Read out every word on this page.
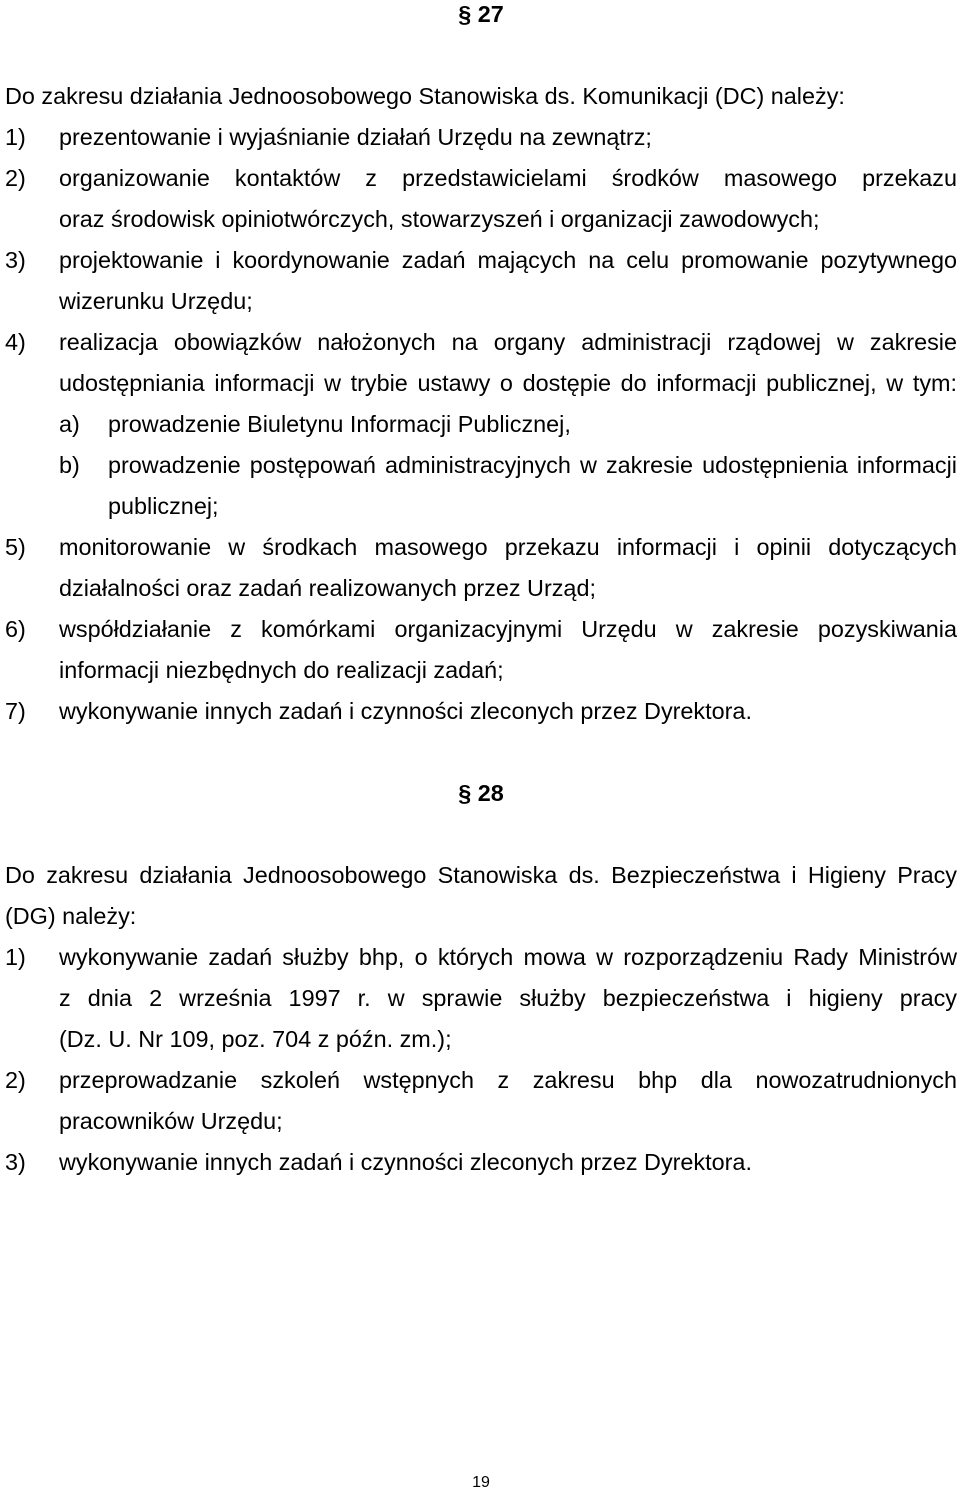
§ 27
Do zakresu działania Jednoosobowego Stanowiska ds. Komunikacji (DC) należy:
1)	prezentowanie i wyjaśnianie działań Urzędu na zewnątrz;
2)	organizowanie kontaktów z przedstawicielami środków masowego przekazu
oraz środowisk opiniotwórczych, stowarzyszeń i organizacji zawodowych;
3)	projektowanie i koordynowanie zadań mających na celu promowanie pozytywnego
wizerunku Urzędu;
4)	realizacja obowiązków nałożonych na organy administracji rządowej w zakresie
udostępniania informacji w trybie ustawy o dostępie do informacji publicznej, w tym:
a)	prowadzenie Biuletynu Informacji Publicznej,
b)	prowadzenie postępowań administracyjnych w zakresie udostępnienia informacji
publicznej;
5)	monitorowanie w środkach masowego przekazu informacji i opinii dotyczących
działalności oraz zadań realizowanych przez Urząd;
6)	współdziałanie z komórkami organizacyjnymi Urzędu w zakresie pozyskiwania
informacji niezbędnych do realizacji zadań;
7)	wykonywanie innych zadań i czynności zleconych przez Dyrektora.
§ 28
Do zakresu działania Jednoosobowego Stanowiska ds. Bezpieczeństwa i Higieny Pracy
(DG) należy:
1)	wykonywanie zadań służby bhp, o których mowa w rozporządzeniu Rady Ministrów
z dnia 2 września 1997 r. w sprawie służby bezpieczeństwa i higieny pracy
(Dz. U. Nr 109, poz. 704 z późn. zm.);
2)	przeprowadzanie szkoleń wstępnych z zakresu bhp dla nowozatrudnionych
pracowników Urzędu;
3)	wykonywanie innych zadań i czynności zleconych przez Dyrektora.
19
